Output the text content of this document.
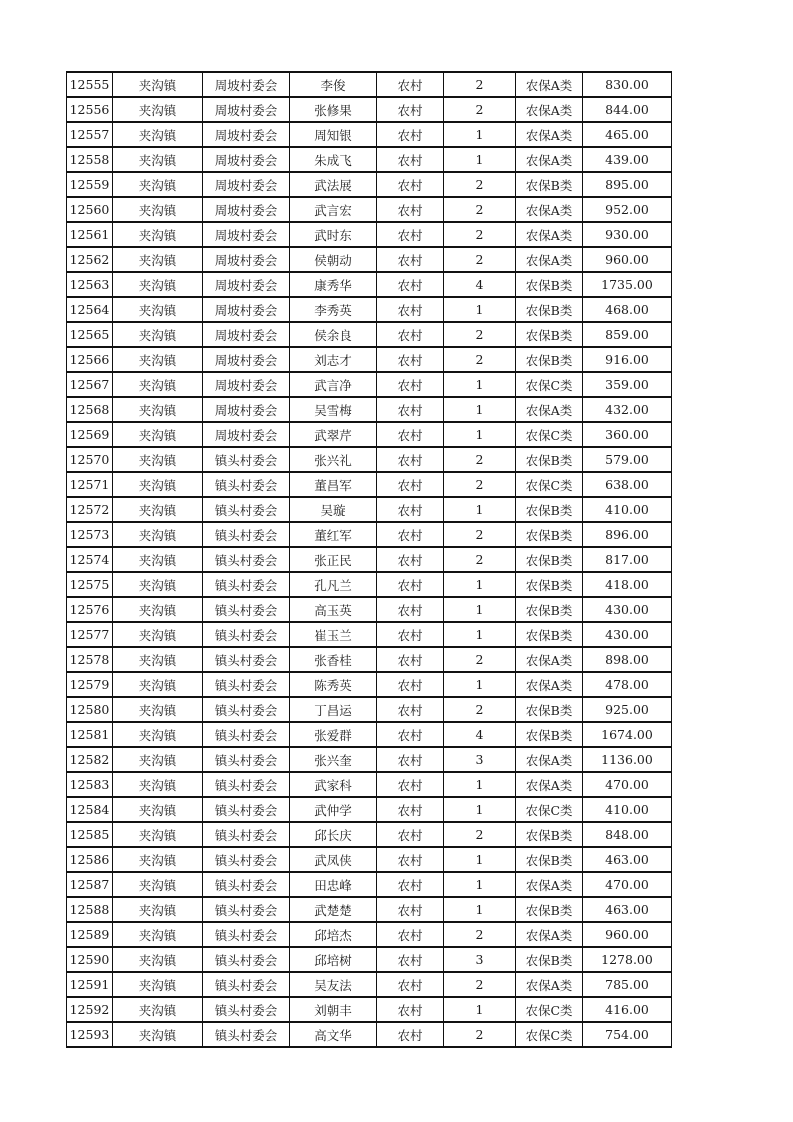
12555	夹沟镇	周坡村委会	李俊	农村	2	农保A类	830.00
12556	夹沟镇	周坡村委会	张修果	农村	2	农保A类	844.00
12557	夹沟镇	周坡村委会	周知银	农村	1	农保A类	465.00
12558	夹沟镇	周坡村委会	朱成飞	农村	1	农保A类	439.00
12559	夹沟镇	周坡村委会	武法展	农村	2	农保B类	895.00
12560	夹沟镇	周坡村委会	武言宏	农村	2	农保A类	952.00
12561	夹沟镇	周坡村委会	武时东	农村	2	农保A类	930.00
12562	夹沟镇	周坡村委会	侯朝动	农村	2	农保A类	960.00
12563	夹沟镇	周坡村委会	康秀华	农村	4	农保B类	1735.00
12564	夹沟镇	周坡村委会	李秀英	农村	1	农保B类	468.00
12565	夹沟镇	周坡村委会	侯余良	农村	2	农保B类	859.00
12566	夹沟镇	周坡村委会	刘志才	农村	2	农保B类	916.00
12567	夹沟镇	周坡村委会	武言净	农村	1	农保C类	359.00
12568	夹沟镇	周坡村委会	吴雪梅	农村	1	农保A类	432.00
12569	夹沟镇	周坡村委会	武翠芹	农村	1	农保C类	360.00
12570	夹沟镇	镇头村委会	张兴礼	农村	2	农保B类	579.00
12571	夹沟镇	镇头村委会	董昌军	农村	2	农保C类	638.00
12572	夹沟镇	镇头村委会	吴璇	农村	1	农保B类	410.00
12573	夹沟镇	镇头村委会	董红军	农村	2	农保B类	896.00
12574	夹沟镇	镇头村委会	张正民	农村	2	农保B类	817.00
12575	夹沟镇	镇头村委会	孔凡兰	农村	1	农保B类	418.00
12576	夹沟镇	镇头村委会	高玉英	农村	1	农保B类	430.00
12577	夹沟镇	镇头村委会	崔玉兰	农村	1	农保B类	430.00
12578	夹沟镇	镇头村委会	张香桂	农村	2	农保A类	898.00
12579	夹沟镇	镇头村委会	陈秀英	农村	1	农保A类	478.00
12580	夹沟镇	镇头村委会	丁昌运	农村	2	农保B类	925.00
12581	夹沟镇	镇头村委会	张爱群	农村	4	农保B类	1674.00
12582	夹沟镇	镇头村委会	张兴奎	农村	3	农保A类	1136.00
12583	夹沟镇	镇头村委会	武家科	农村	1	农保A类	470.00
12584	夹沟镇	镇头村委会	武仲学	农村	1	农保C类	410.00
12585	夹沟镇	镇头村委会	邱长庆	农村	2	农保B类	848.00
12586	夹沟镇	镇头村委会	武凤侠	农村	1	农保B类	463.00
12587	夹沟镇	镇头村委会	田忠峰	农村	1	农保A类	470.00
12588	夹沟镇	镇头村委会	武楚楚	农村	1	农保B类	463.00
12589	夹沟镇	镇头村委会	邱培杰	农村	2	农保A类	960.00
12590	夹沟镇	镇头村委会	邱培树	农村	3	农保B类	1278.00
12591	夹沟镇	镇头村委会	吴友法	农村	2	农保A类	785.00
12592	夹沟镇	镇头村委会	刘朝丰	农村	1	农保C类	416.00
12593	夹沟镇	镇头村委会	高文华	农村	2	农保C类	754.00
